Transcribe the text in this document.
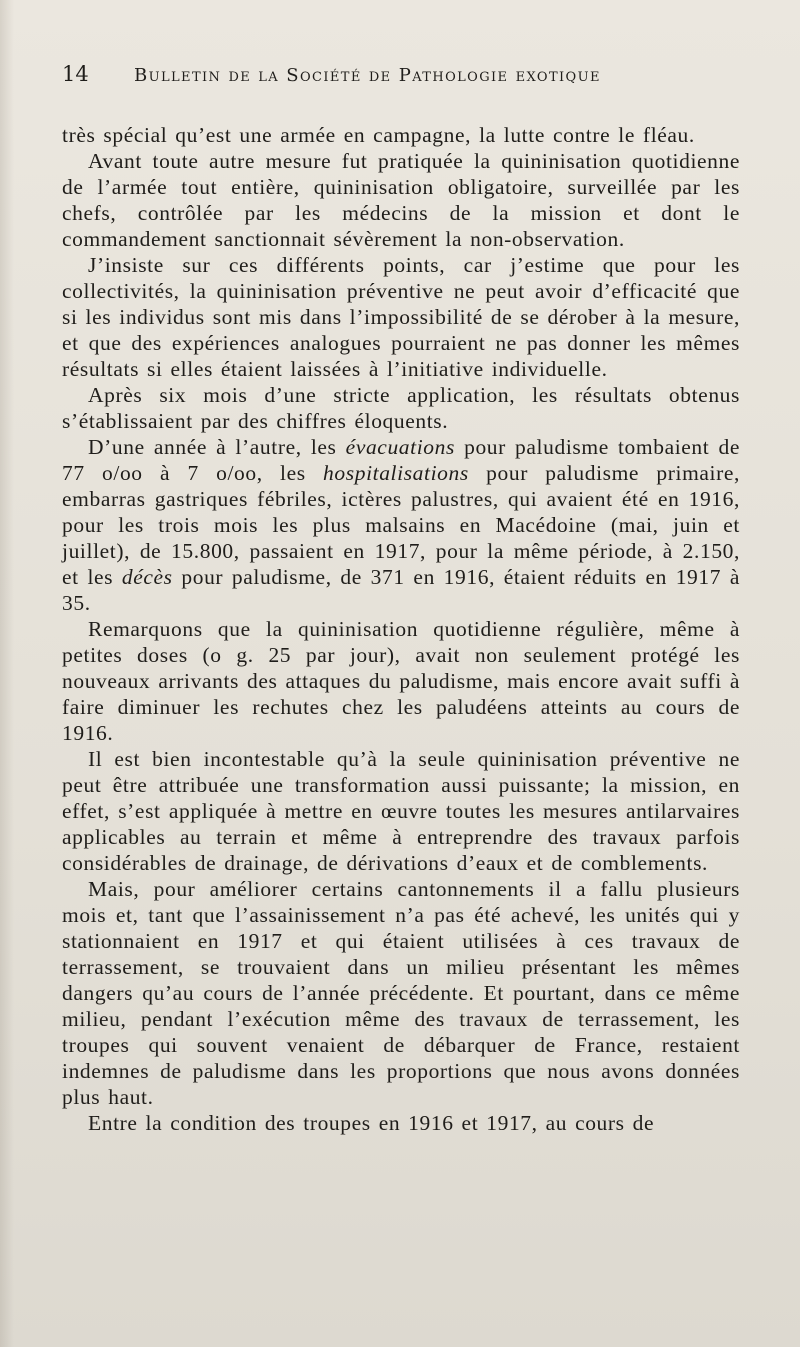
14	Bulletin de la Société de Pathologie exotique

très spécial qu’est une armée en campagne, la lutte contre le fléau.

Avant toute autre mesure fut pratiquée la quininisation quotidienne de l’armée tout entière, quininisation obligatoire, surveillée par les chefs, contrôlée par les médecins de la mission et dont le commandement sanctionnait sévèrement la non-observation.

J’insiste sur ces différents points, car j’estime que pour les collectivités, la quininisation préventive ne peut avoir d’efficacité que si les individus sont mis dans l’impossibilité de se dérober à la mesure, et que des expériences analogues pourraient ne pas donner les mêmes résultats si elles étaient laissées à l’initiative individuelle.

Après six mois d’une stricte application, les résultats obtenus s’établissaient par des chiffres éloquents.

D’une année à l’autre, les évacuations pour paludisme tombaient de 77 o/oo à 7 o/oo, les hospitalisations pour paludisme primaire, embarras gastriques fébriles, ictères palustres, qui avaient été en 1916, pour les trois mois les plus malsains en Macédoine (mai, juin et juillet), de 15.800, passaient en 1917, pour la même période, à 2.150, et les décès pour paludisme, de 371 en 1916, étaient réduits en 1917 à 35.

Remarquons que la quininisation quotidienne régulière, même à petites doses (o g. 25 par jour), avait non seulement protégé les nouveaux arrivants des attaques du paludisme, mais encore avait suffi à faire diminuer les rechutes chez les paludéens atteints au cours de 1916.

Il est bien incontestable qu’à la seule quininisation préventive ne peut être attribuée une transformation aussi puissante; la mission, en effet, s’est appliquée à mettre en œuvre toutes les mesures antilarvaires applicables au terrain et même à entreprendre des travaux parfois considérables de drainage, de dérivations d’eaux et de comblements.

Mais, pour améliorer certains cantonnements il a fallu plusieurs mois et, tant que l’assainissement n’a pas été achevé, les unités qui y stationnaient en 1917 et qui étaient utilisées à ces travaux de terrassement, se trouvaient dans un milieu présentant les mêmes dangers qu’au cours de l’année précédente. Et pourtant, dans ce même milieu, pendant l’exécution même des travaux de terrassement, les troupes qui souvent venaient de débarquer de France, restaient indemnes de paludisme dans les proportions que nous avons données plus haut.

Entre la condition des troupes en 1916 et 1917, au cours de
